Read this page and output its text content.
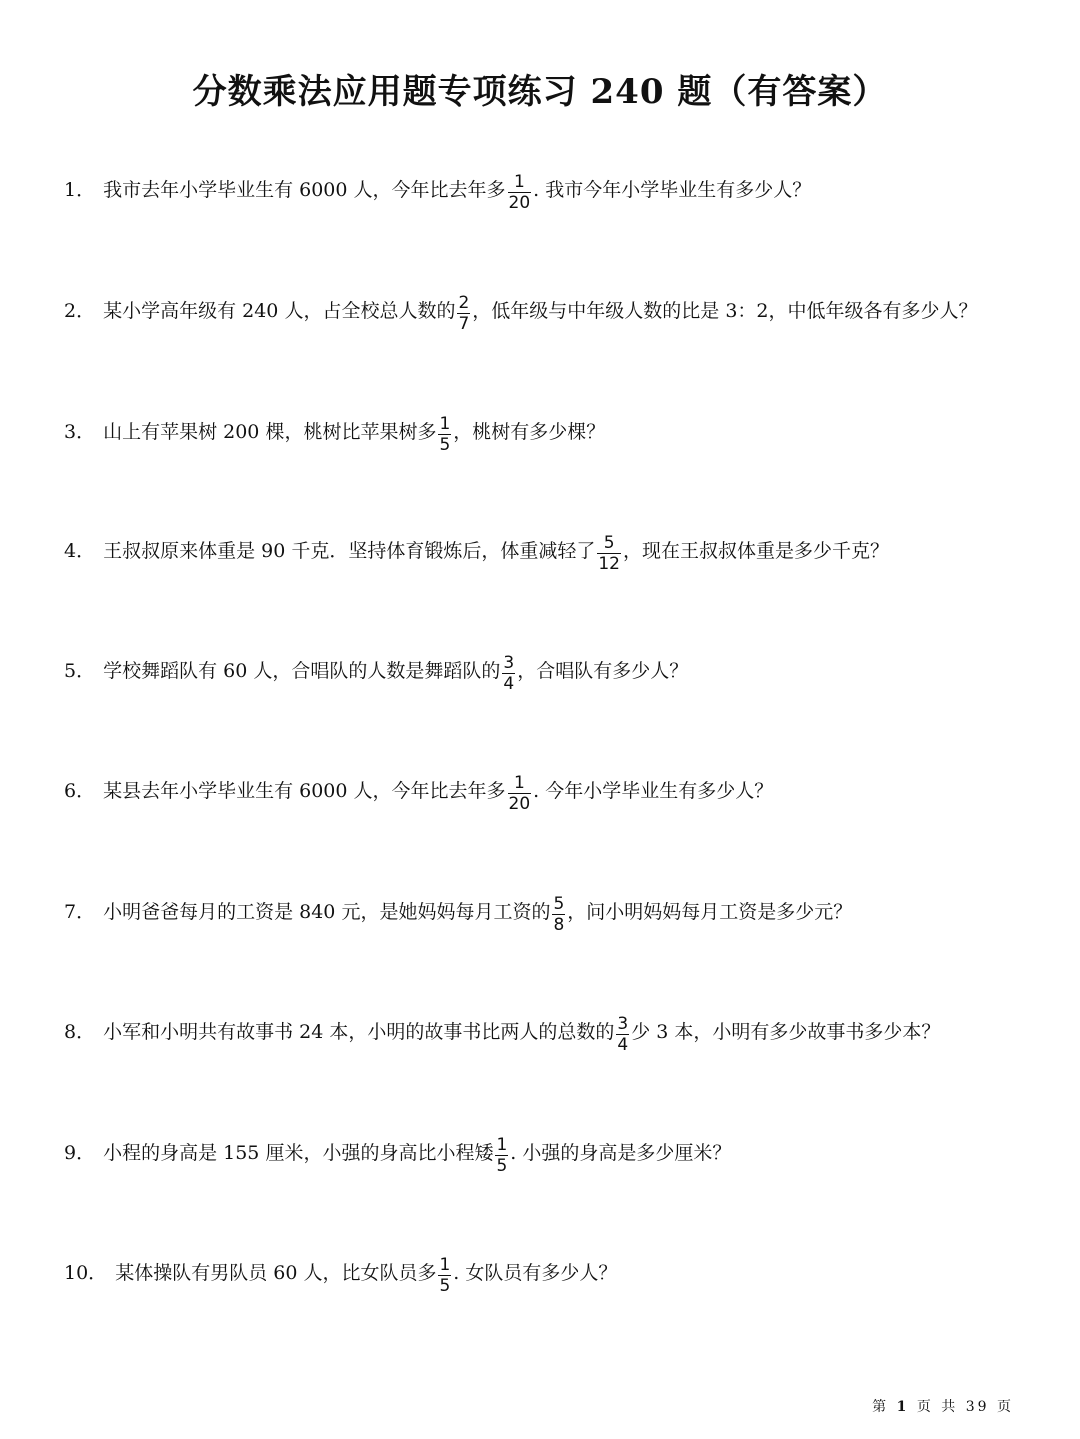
分数乘法应用题专项练习 240 题（有答案）
1． 我市去年小学毕业生有 6000 人，今年比去年多 $\frac{1}{20}$ . 我市今年小学毕业生有多少人？
2． 某小学高年级有 240 人，占全校总人数的 $\frac{2}{7}$ ，低年级与中年级人数的比是 3：2，中低年级各有多少人？
3． 山上有苹果树 200 棵，桃树比苹果树多 $\frac{1}{5}$ ，桃树有多少棵？
4． 王叔叔原来体重是 90 千克．坚持体育锻炼后，体重减轻了 $\frac{5}{12}$ ，现在王叔叔体重是多少千克？
5． 学校舞蹈队有 60 人，合唱队的人数是舞蹈队的 $\frac{3}{4}$ ，合唱队有多少人？
6． 某县去年小学毕业生有 6000 人，今年比去年多 $\frac{1}{20}$ . 今年小学毕业生有多少人？
7． 小明爸爸每月的工资是 840 元，是她妈妈每月工资的 $\frac{5}{8}$ ，问小明妈妈每月工资是多少元？
8． 小军和小明共有故事书 24 本，小明的故事书比两人的总数的 $\frac{3}{4}$ 少 3 本，小明有多少故事书多少本？
9． 小程的身高是 155 厘米，小强的身高比小程矮 $\frac{1}{5}$ . 小强的身高是多少厘米？
10． 某体操队有男队员 60 人，比女队员多 $\frac{1}{5}$ . 女队员有多少人？
第 1 页 共 39 页
